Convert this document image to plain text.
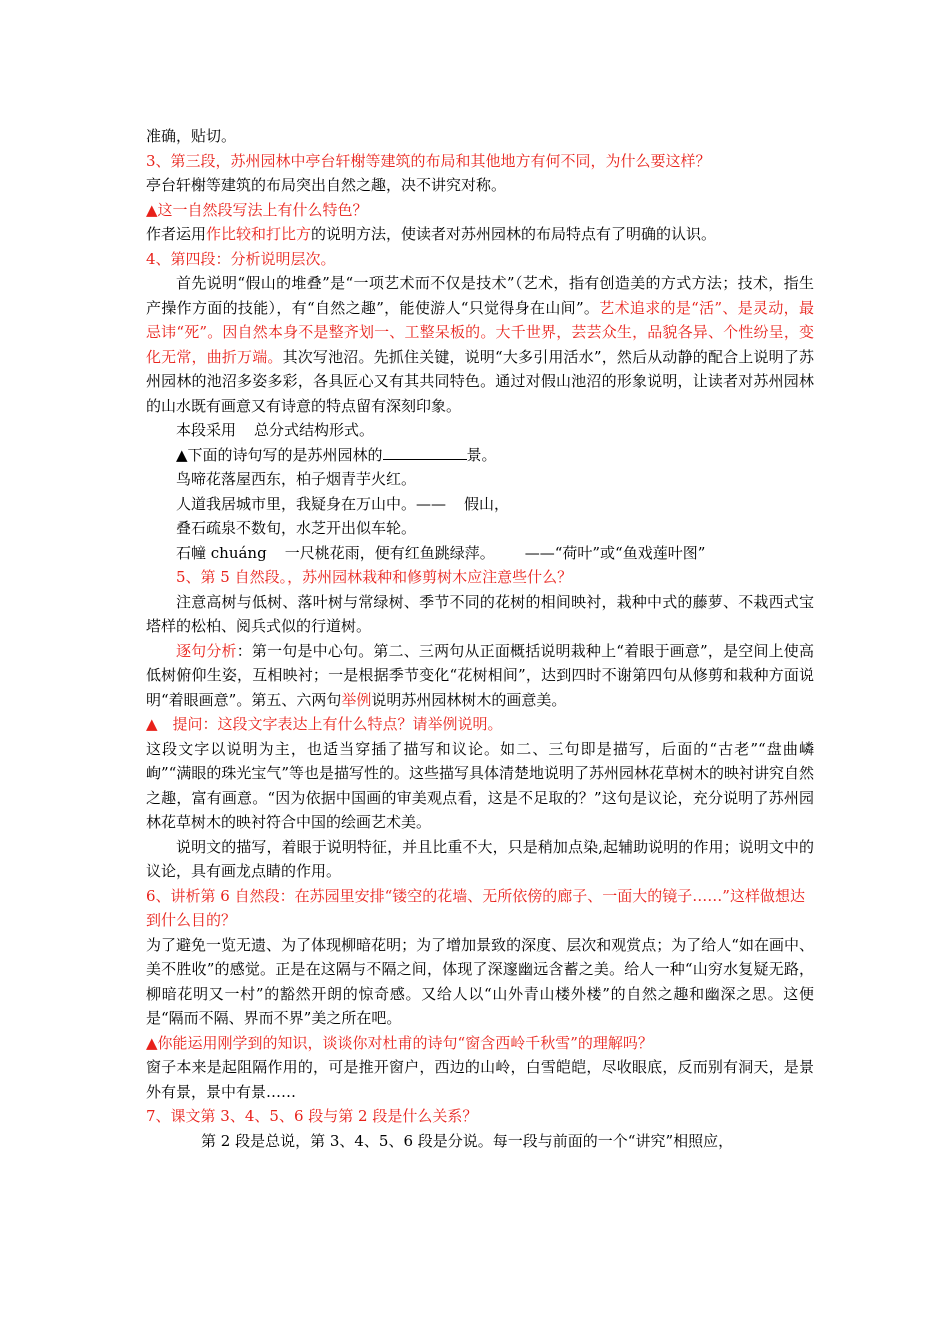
准确，贴切。

3、第三段，苏州园林中亭台轩榭等建筑的布局和其他地方有何不同，为什么要这样？

亭台轩榭等建筑的布局突出自然之趣，决不讲究对称。

▲这一自然段写法上有什么特色？

作者运用作比较和打比方的说明方法，使读者对苏州园林的布局特点有了明确的认识。

4、第四段：分析说明层次。

首先说明“假山的堆叠”是“一项艺术而不仅是技术”（艺术，指有创造美的方式方法；技术，指生产操作方面的技能），有“自然之趣”，能使游人“只觉得身在山间”。艺术追求的是“活”、是灵动，最忌讳“死”。因自然本身不是整齐划一、工整呆板的。大千世界，芸芸众生，品貌各异、个性纷呈，变化无常，曲折万端。其次写池沼。先抓住关键，说明“大多引用活水”，然后从动静的配合上说明了苏州园林的池沼多姿多彩，各具匠心又有其共同特色。通过对假山池沼的形象说明，让读者对苏州园林的山水既有画意又有诗意的特点留有深刻印象。

本段采用 总分式结构形式。

▲下面的诗句写的是苏州园林的	景。

鸟啼花落屋西东，柏子烟青芋火红。

人道我居城市里，我疑身在万山中。—— 假山，

叠石疏泉不数旬，水芝开出似车轮。

石幢 chuáng 一尺桃花雨，便有红鱼跳绿萍。 ——“荷叶”或“鱼戏莲叶图”

5、第 5 自然段。，苏州园林栽种和修剪树木应注意些什么？

注意高树与低树、落叶树与常绿树、季节不同的花树的相间映衬，栽种中式的藤萝、不栽西式宝塔样的松柏、阅兵式似的行道树。

逐句分析：第一句是中心句。第二、三两句从正面概括说明栽种上“着眼于画意”，是空间上使高低树俯仰生姿，互相映衬；一是根据季节变化“花树相间”，达到四时不谢第四句从修剪和栽种方面说明“着眼画意”。第五、六两句举例说明苏州园林树木的画意美。

▲　提问：这段文字表达上有什么特点？请举例说明。

这段文字以说明为主，也适当穿插了描写和议论。如二、三句即是描写，后面的“古老”“盘曲嶙峋”“满眼的珠光宝气”等也是描写性的。这些描写具体清楚地说明了苏州园林花草树木的映衬讲究自然之趣，富有画意。“因为依据中国画的审美观点看，这是不足取的？”这句是议论，充分说明了苏州园林花草树木的映衬符合中国的绘画艺术美。

说明文的描写，着眼于说明特征，并且比重不大，只是稍加点染,起辅助说明的作用；说明文中的议论，具有画龙点睛的作用。

6、讲析第 6 自然段：在苏园里安排“镂空的花墙、无所依傍的廊子、一面大的镜子……”这样做想达到什么目的？

为了避免一览无遗、为了体现柳暗花明；为了增加景致的深度、层次和观赏点；为了给人“如在画中、美不胜收”的感觉。正是在这隔与不隔之间，体现了深邃幽远含蓄之美。给人一种“山穷水复疑无路，柳暗花明又一村”的豁然开朗的惊奇感。又给人以“山外青山楼外楼”的自然之趣和幽深之思。这便是“隔而不隔、界而不界”美之所在吧。

▲你能运用刚学到的知识，谈谈你对杜甫的诗句“窗含西岭千秋雪”的理解吗？

窗子本来是起阻隔作用的，可是推开窗户，西边的山岭，白雪皑皑，尽收眼底，反而别有洞天，是景外有景，景中有景……

7、课文第 3、4、5、6 段与第 2 段是什么关系？

第 2 段是总说，第 3、4、5、6 段是分说。每一段与前面的一个“讲究”相照应，
